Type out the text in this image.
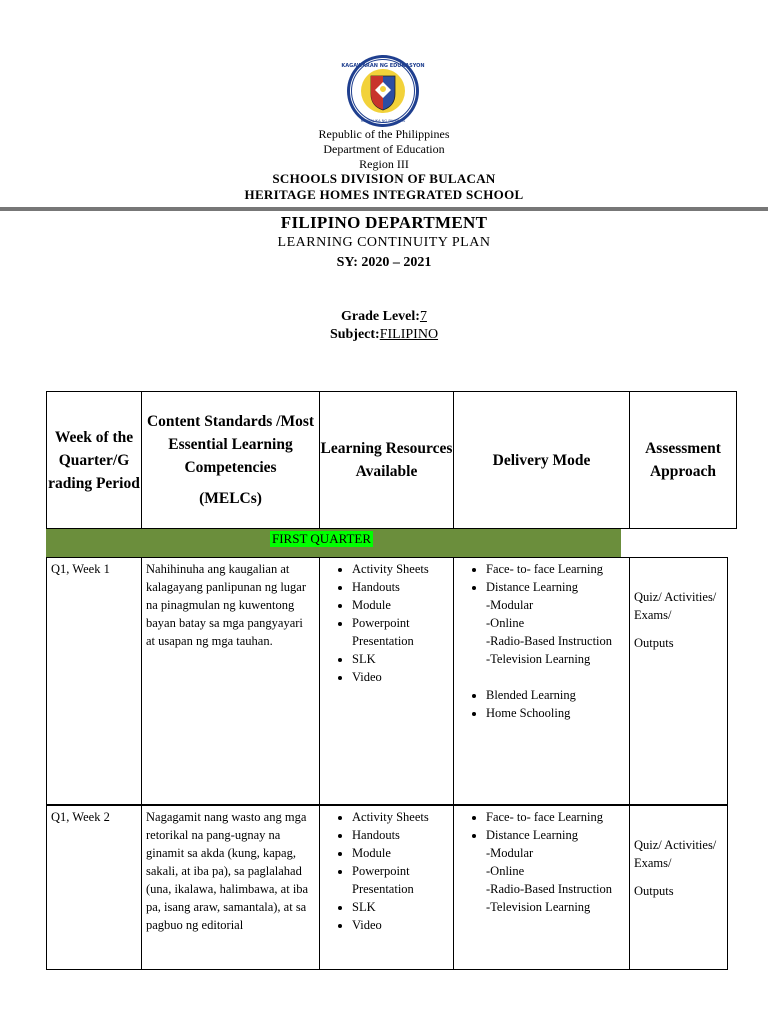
KAGAWARAN NG EDUKASYON
REPUBLIKA NG PILIPINAS
Republic of the Philippines
Department of Education
Region III
SCHOOLS DIVISION OF BULACAN
HERITAGE HOMES INTEGRATED SCHOOL
FILIPINO DEPARTMENT
LEARNING CONTINUITY PLAN
SY: 2020 – 2021
Grade Level:7
Subject:FILIPINO
Week of the Quarter/G rading Period
Content Standards /Most Essential Learning Competencies
(MELCs)
Learning Resources Available
Delivery Mode
Assessment Approach
FIRST QUARTER
Q1, Week 1	Nahihinuha ang kaugalian at kalagayang panlipunan ng lugar na pinagmulan ng kuwentong bayan batay sa mga pangyayari at usapan ng mga tauhan.
• Activity Sheets
• Handouts
• Module
• Powerpoint Presentation
• SLK
• Video
• Face- to- face Learning
• Distance Learning
-Modular
-Online
-Radio-Based Instruction
-Television Learning
• Blended Learning
• Home Schooling

Quiz/ Activities/ Exams/

Outputs

Q1, Week 2	Nagagamit nang wasto ang mga retorikal na pang-ugnay na ginamit sa akda (kung, kapag, sakali, at iba pa), sa paglalahad (una, ikalawa, halimbawa, at iba pa, isang araw, samantala), at sa pagbuo ng editorial
• Activity Sheets
• Handouts
• Module
• Powerpoint Presentation
• SLK
• Video
• Face- to- face Learning
• Distance Learning
-Modular
-Online
-Radio-Based Instruction
-Television Learning

Quiz/ Activities/ Exams/

Outputs
